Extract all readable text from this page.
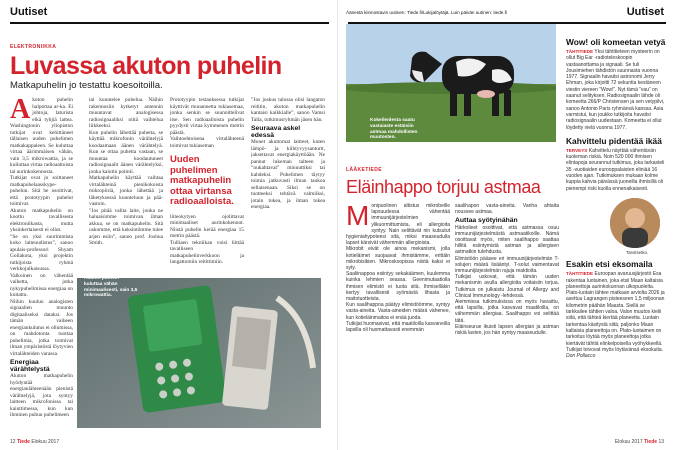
Uutiset
ELEKTRONIIKKA
Luvassa akuton puhelin
Matkapuhelin jo testattu koesoitoilla.

A kuton puhelin halpottaa ar-ka. Ei johtoja, laturista eikä tyhjiä lattea. Washingtonin yliopiston tutkijat ovat kehittäneet tällaisen uuden puhelimen matkakappaleen. Se kuluttaa virtaa äärimmäisen vähän, vain 3,5 mikrowattia, ja se kuiluttaa virtaa radioaaltoista tai aurinkokennosta.

Tutkijat ovat jo soittaneet matkapuhelaasskype-puhelun. Sitä he osoittivat, että prototyypin puhelut toimivat.

Akuton matkapuhelin on koottu tavallisesta elektroniikasta, mutta yksinkertaisesti ei ollut.

”Se on yksi suurimmista koko laiteuudistus”, sanoo apulais-professori Shyam Gollakota, yksi projektin tutkijoista ryhmä verkkojulkaisussa.

Valkoinen on vähentää vaihetta, jotka nykypuhelimissa energiaa on kuitattu.

Niihin kuuluu analogisten signaalien muunto digitaaliseksi dataksi. Jos tämän vaiheen energiankulutus ei ollumissa, on mahdotonta tuottaa puhelimia, jotka toimivat ilman ympäristöstä löytyvien virtalähteiden varassa.

Energiaa värähtelystä

Akuton matkapuhelin hyödyntää energianlähteenään pienistä värähtelyjä, jota syntyy laitteen mikrofonissa tai kaiuttimessa, kun kun ihminen puhuu puhelimeen

tai kuuntelee puhelua. Näihin rakennosiin kytketyt antennin muuntavat analogisessa radiosignaaliksi niitä vaihtelua liikkeeksi.

Kun puhelin lähettää puhetta, se käyttää mikrofonin värähtelyjä koodaamaan äänen värähtelyä. Kun se ottaa puhetta vastaan, se muuntaa koodautuneet radiosignaalit äänen värähtelyksi, jonka kaiutin poimii.

Matkapuhelin käyttää vaihtaa virtalähteinä pienikokoista mikropiiriä, jonka lähettää ja lähetyksessä kuunteluun ja pää-vastoin.

”Jos pitää valita laite, jonka ne haluaisimme toimivan ilman akkua, se on matkapuhelin. Sitä uskomme, että keksintömme tulee arjen esiin”, sanoo prof. Joshua Smith.

Prototyypin testauksessa tutkijat käyttivät muuannetta tukiasemaa, jonka senkin se suunnittelivat itse. Sen radioaalloista puhelin pyydysti virtaa kymmenen metrin päästä.

Vaihtoehtoisena virtalähteenä toimivat tukiaseman

Uuden puhelimen matkapuhelin ottaa virtansa radioaalloista.

liiteokytyen ojolittavat minimaaliset aurinkokennot. Niistä puhelin kerää energiaa 15 metrin päästä.

Tulliaen tekniikan voisi liittää tavalliseen matkapuhelinverkkoon ja langattomiin reitittimiin.

”Jos joskus talossa olisi langaton reititin, akuton matkapuhelin kantaisi kaikkialle”, sanoo Vamsi Talla, tutkimusryhmän jäsen hän.

Seuraava askel edessä

Monet akuttomat laitteet, kuten lämpö- ja kiihtyvyysanturit, jaksettavat energiakäyttöään. Ne pannut lukeman talteen ja ”nukahtavat” minuuttiksi tai kahdeksi. Puhelimen täytyy toimia jatkuvasti ilman taukoa sellaisenaan. Siksi se on tuotteeksi tehtävä valmiiksi, jotain tukea, ja ilman tukea energiaa.

Akuton puhelin kuluttaa vähän minimaalisesti, vain 3,5 mikrowattia.
12 Tiede Elokuu 2017
Uutiset
Äänestä kiinnostavin uutinen: Tiede.fi/Lukijalöytäjä. Luin päivän uutinen: tiede.fi
Kokeilenlesta saatu vastaiaste estäisiin astmaa mahdollisten muutosten.
LÄÄKETIEDE
Eläinhappo torjuu astmaa

M onipuolinen altistus mikrobeille lapsuudessa vähentää immuunijärjestelmien ylikuormittumista, eli allergioita syntyy. Nain selittävät nin kutsutut hygieniahypoteesi sitä, miksi maaseudulla lapset kärsivät vähemmän allergioista.

Mikrobit eivät ole ainoa mekanismi, jolla kotieläimet suojaavat ihmistämme, erittäin mikrobisikien. Mikroskoopissa niistä kaksi ei syty.

Saaliinappoa esiintyy sekakäämen, kuulemma kuinka lehmien seassa. Geenimutaatiolla ihmisen elimistö ei tuota sitä. Ihmiselläkin kertyy tavallisesti syömästä lihasta ja maitotuotteista.

Kun saalihappoa päätyy elimistöömme, syntyy vasta-aineita. Vasta-aineiden määrä vähenee, kun kotieläinmaitoa ei enää juoda.

Tutkijat huomasivat, että maatiloilla kasvaneilla lapsilla oli huomattavasti enemmän

saalihapon vasta-aineita. Vanha ahtaita noussee astmaa.

Auttaa syötyinähän

Härkoileet osoittivat, että astmassa osuu immuunijärjestelmästä astmaatikoille. Nämä osoittavat myös, miten saalihappo saattaa hillitä esiintymistä astman ja allergisen astmatkin tulehdusta.

Elimistöön pääsee eri immuunijärjestelmän T-solujen määrä lisääntyi. T-solut vaimentavat immuunijärjestelmän rajuja reaktioita.

Tutkijat uskovat, että tämän uuden mekanismin avulla allergioita voitaisiin torjua. Tutkimus on julkaistu Journal of Allergy and Clinical Immunology -lehdessä.

Aiemmissa tutkimuksissa on myös havaittu, että lapsilla, jotka kasvavat maatiloilla, on vähemmän allergiaa. Saalihappo voi selittää tätä.

Eläinseurue ikuisti lapsen allergian ja astman riskiä lasten, jos hän syntyy maaseudulle.

Wow! oli komeetan vetyä

TÄHTITIEDE Yksi tähtitieteen mysteerin on ollut Big Ear -radioteleskoopin vastaanottama ja signaali. Se tuli Jousimiehen tähdistön suunnasta vuonna 1977. Signaalin havaitsi astronomi Jerry Ehman, joka kirjoitti 72 sekuntia kestäneen viestin viereen ”Wow!”. Nyt tämä ”vau” on saanut selityksen. Radiosignaalin lähde oli komeetta 266/P Christensen ja sen vetypilvi, sanoo Antonio Paris ryhmänsä kanssa. Asia varmistui, kun joukko tutkijoita havaitsi radiosignaalin uudestaan. Komeetta ei ollut löydetty vielä vuonna 1977.

Kahvittelu pidentää ikää

TERVEYS Kahvittelu näyttää vähentävän kuoleman riskiä. Noin 520 000 ihmisen elintapoja seurannut tutkimus, joka tarkasteli 35 -vuotiaiden eurooppalaisten eliniää 16 vuoden ajan. Tutkimuksen mukaan kolme kuppia kahvia päivässä juoneilla ihmisillä oli pienempi riski kuolla ennenaikaisesti.

Tarvitsetko.
Esakin etsi eksomaila

TÄHTITIEDE Euroopan avaruusjärjestö Esa rakentaa luotainen, joka etsii Maan kaltaisia planeettoja aurinkokunnan ulkopuolelta. Plato-luotain lähtee matkaan arviolta 2026 ja asettuu Lagrangen pisteeseen 1,5 miljoonan kilometrin päähän Maasta. Siellä se tarkkailee tähtien valoa. Valon muutos kielii siitä, että tähteä kiertää planeetta. Luotain tarkentaa käsitystä siitä, paljonko Maan kaltaisia planeettoja on. Plato-luotaimen on tarkoitus löytää myös planeettoja jotka kiertävät tähtiä elinkelpoisella vyöhykkeellä. Tutkijat toivovat myös löytävänsä eksokuita. Don Pollacco

Elokuu 2017 Tiede 13
